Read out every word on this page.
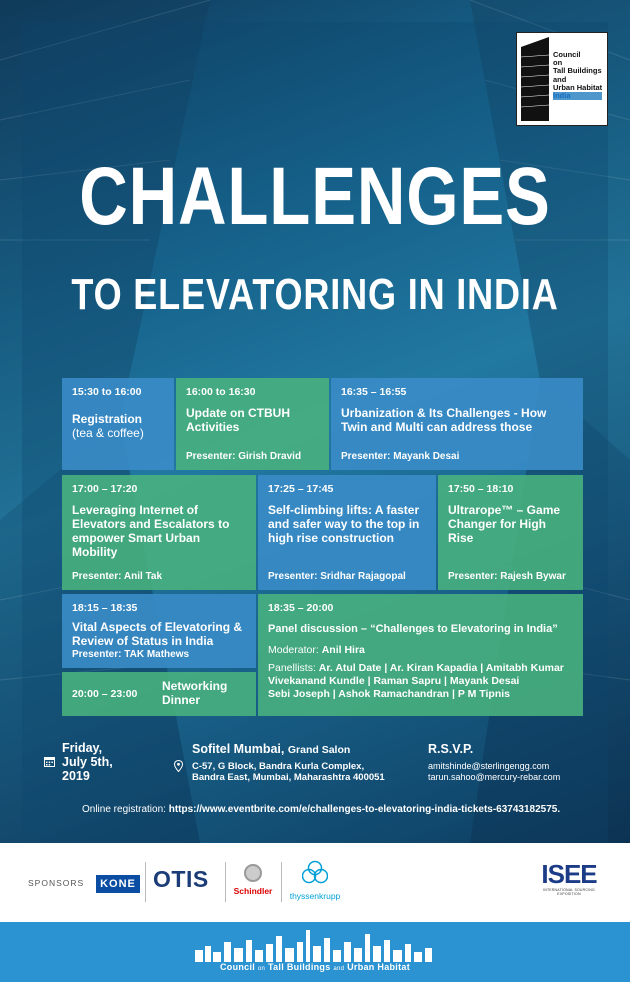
Council
on
Tall Buildings
and
Urban Habitat
India
CHALLENGES
TO ELEVATORING IN INDIA
15:30 to 16:00
Registration
(tea & coffee)
16:00 to 16:30
Update on CTBUH Activities
Presenter: Girish Dravid
16:35 – 16:55
Urbanization & Its Challenges - How Twin and Multi can address those
Presenter: Mayank Desai
17:00 – 17:20
Leveraging Internet of Elevators and Escalators to empower Smart Urban Mobility
Presenter: Anil Tak
17:25 – 17:45
Self-climbing lifts: A faster and safer way to the top in high rise construction
Presenter: Sridhar Rajagopal
17:50 – 18:10
Ultrarope™ – Game Changer for High Rise
Presenter: Rajesh Bywar
18:15 – 18:35
Vital Aspects of Elevatoring & Review of Status in India
Presenter: TAK Mathews
20:00 – 23:00
Networking Dinner
18:35 – 20:00
Panel discussion – “Challenges to Elevatoring in India”
Moderator: Anil Hira
Panellists: Ar. Atul Date | Ar. Kiran Kapadia | Amitabh Kumar
Vivekanand Kundle | Raman Sapru | Mayank Desai
Sebi Joseph | Ashok Ramachandran | P M Tipnis
Friday,
July 5th,
2019
Sofitel Mumbai, Grand Salon
C-57, G Block, Bandra Kurla Complex,
Bandra East, Mumbai, Maharashtra 400051
R.S.V.P.
amitshinde@sterlingengg.com
tarun.sahoo@mercury-rebar.com
Online registration: https://www.eventbrite.com/e/challenges-to-elevatoring-india-tickets-63743182575.
SPONSORS	KONE OTIS	Schindler	thyssenkrupp
ISEE
INTERNATIONAL SOURCING EXPOSITION
Council on Tall Buildings and Urban Habitat
